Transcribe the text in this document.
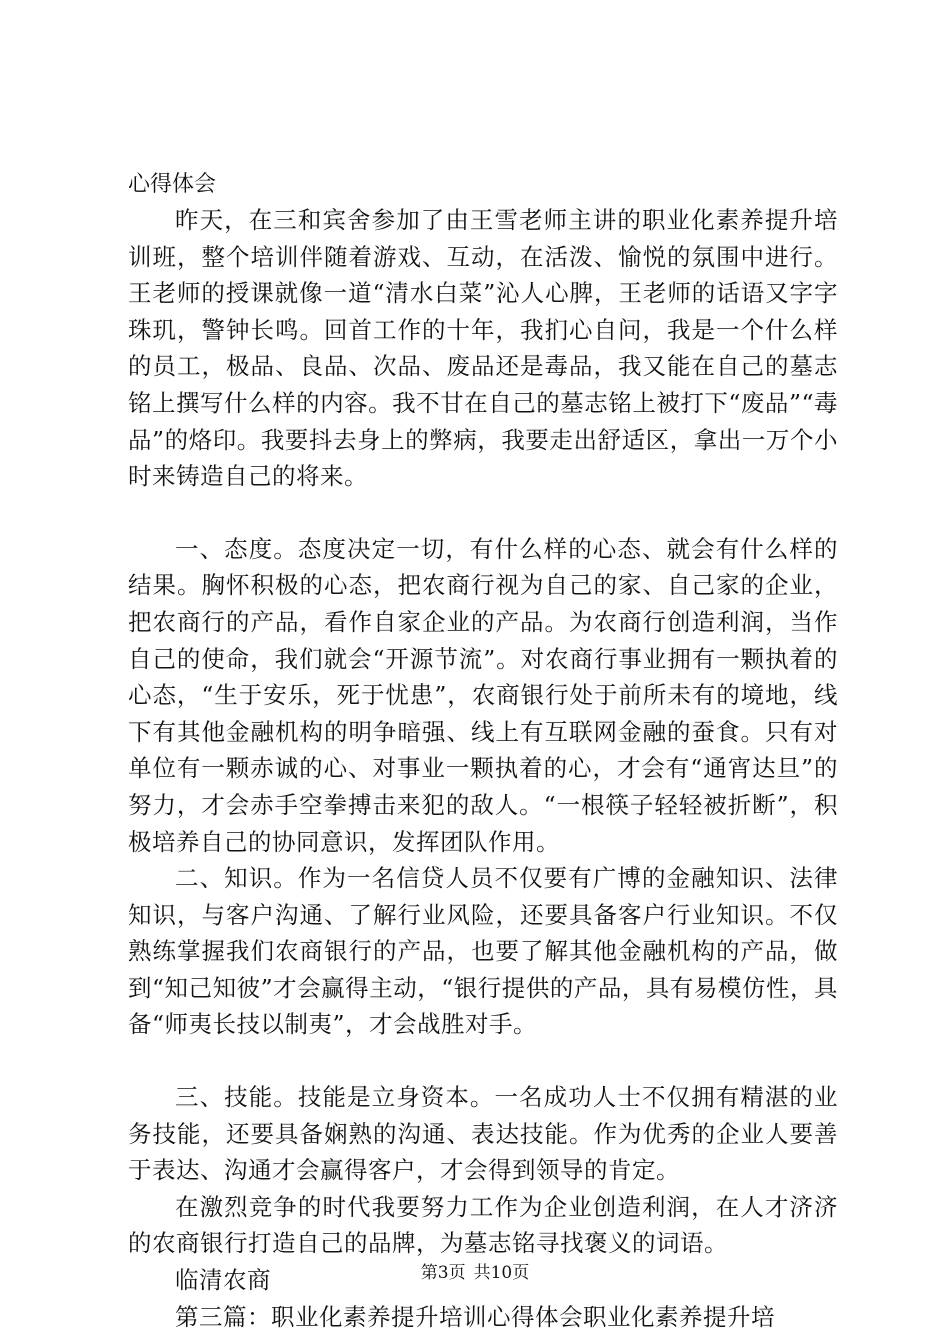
心得体会

昨天，在三和宾舍参加了由王雪老师主讲的职业化素养提升培训班，整个培训伴随着游戏、互动，在活泼、愉悦的氛围中进行。王老师的授课就像一道“清水白菜”沁人心脾，王老师的话语又字字珠玑，警钟长鸣。回首工作的十年，我扪心自问，我是一个什么样的员工，极品、良品、次品、废品还是毒品，我又能在自己的墓志铭上撰写什么样的内容。我不甘在自己的墓志铭上被打下“废品”“毒品”的烙印。我要抖去身上的弊病，我要走出舒适区，拿出一万个小时来铸造自己的将来。

一、态度。态度决定一切，有什么样的心态、就会有什么样的结果。胸怀积极的心态，把农商行视为自己的家、自己家的企业，把农商行的产品，看作自家企业的产品。为农商行创造利润，当作自己的使命，我们就会“开源节流”。对农商行事业拥有一颗执着的心态，“生于安乐，死于忧患”，农商银行处于前所未有的境地，线下有其他金融机构的明争暗强、线上有互联网金融的蚕食。只有对单位有一颗赤诚的心、对事业一颗执着的心，才会有“通宵达旦”的努力，才会赤手空拳搏击来犯的敌人。“一根筷子轻轻被折断”，积极培养自己的协同意识，发挥团队作用。

二、知识。作为一名信贷人员不仅要有广博的金融知识、法律知识，与客户沟通、了解行业风险，还要具备客户行业知识。不仅熟练掌握我们农商银行的产品，也要了解其他金融机构的产品，做到“知己知彼”才会赢得主动，“银行提供的产品，具有易模仿性，具备“师夷长技以制夷”，才会战胜对手。

三、技能。技能是立身资本。一名成功人士不仅拥有精湛的业务技能，还要具备娴熟的沟通、表达技能。作为优秀的企业人要善于表达、沟通才会赢得客户，才会得到领导的肯定。

在激烈竞争的时代我要努力工作为企业创造利润，在人才济济的农商银行打造自己的品牌，为墓志铭寻找褒义的词语。

临清农商

第三篇：职业化素养提升培训心得体会职业化素养提升培

第3页 共10页
